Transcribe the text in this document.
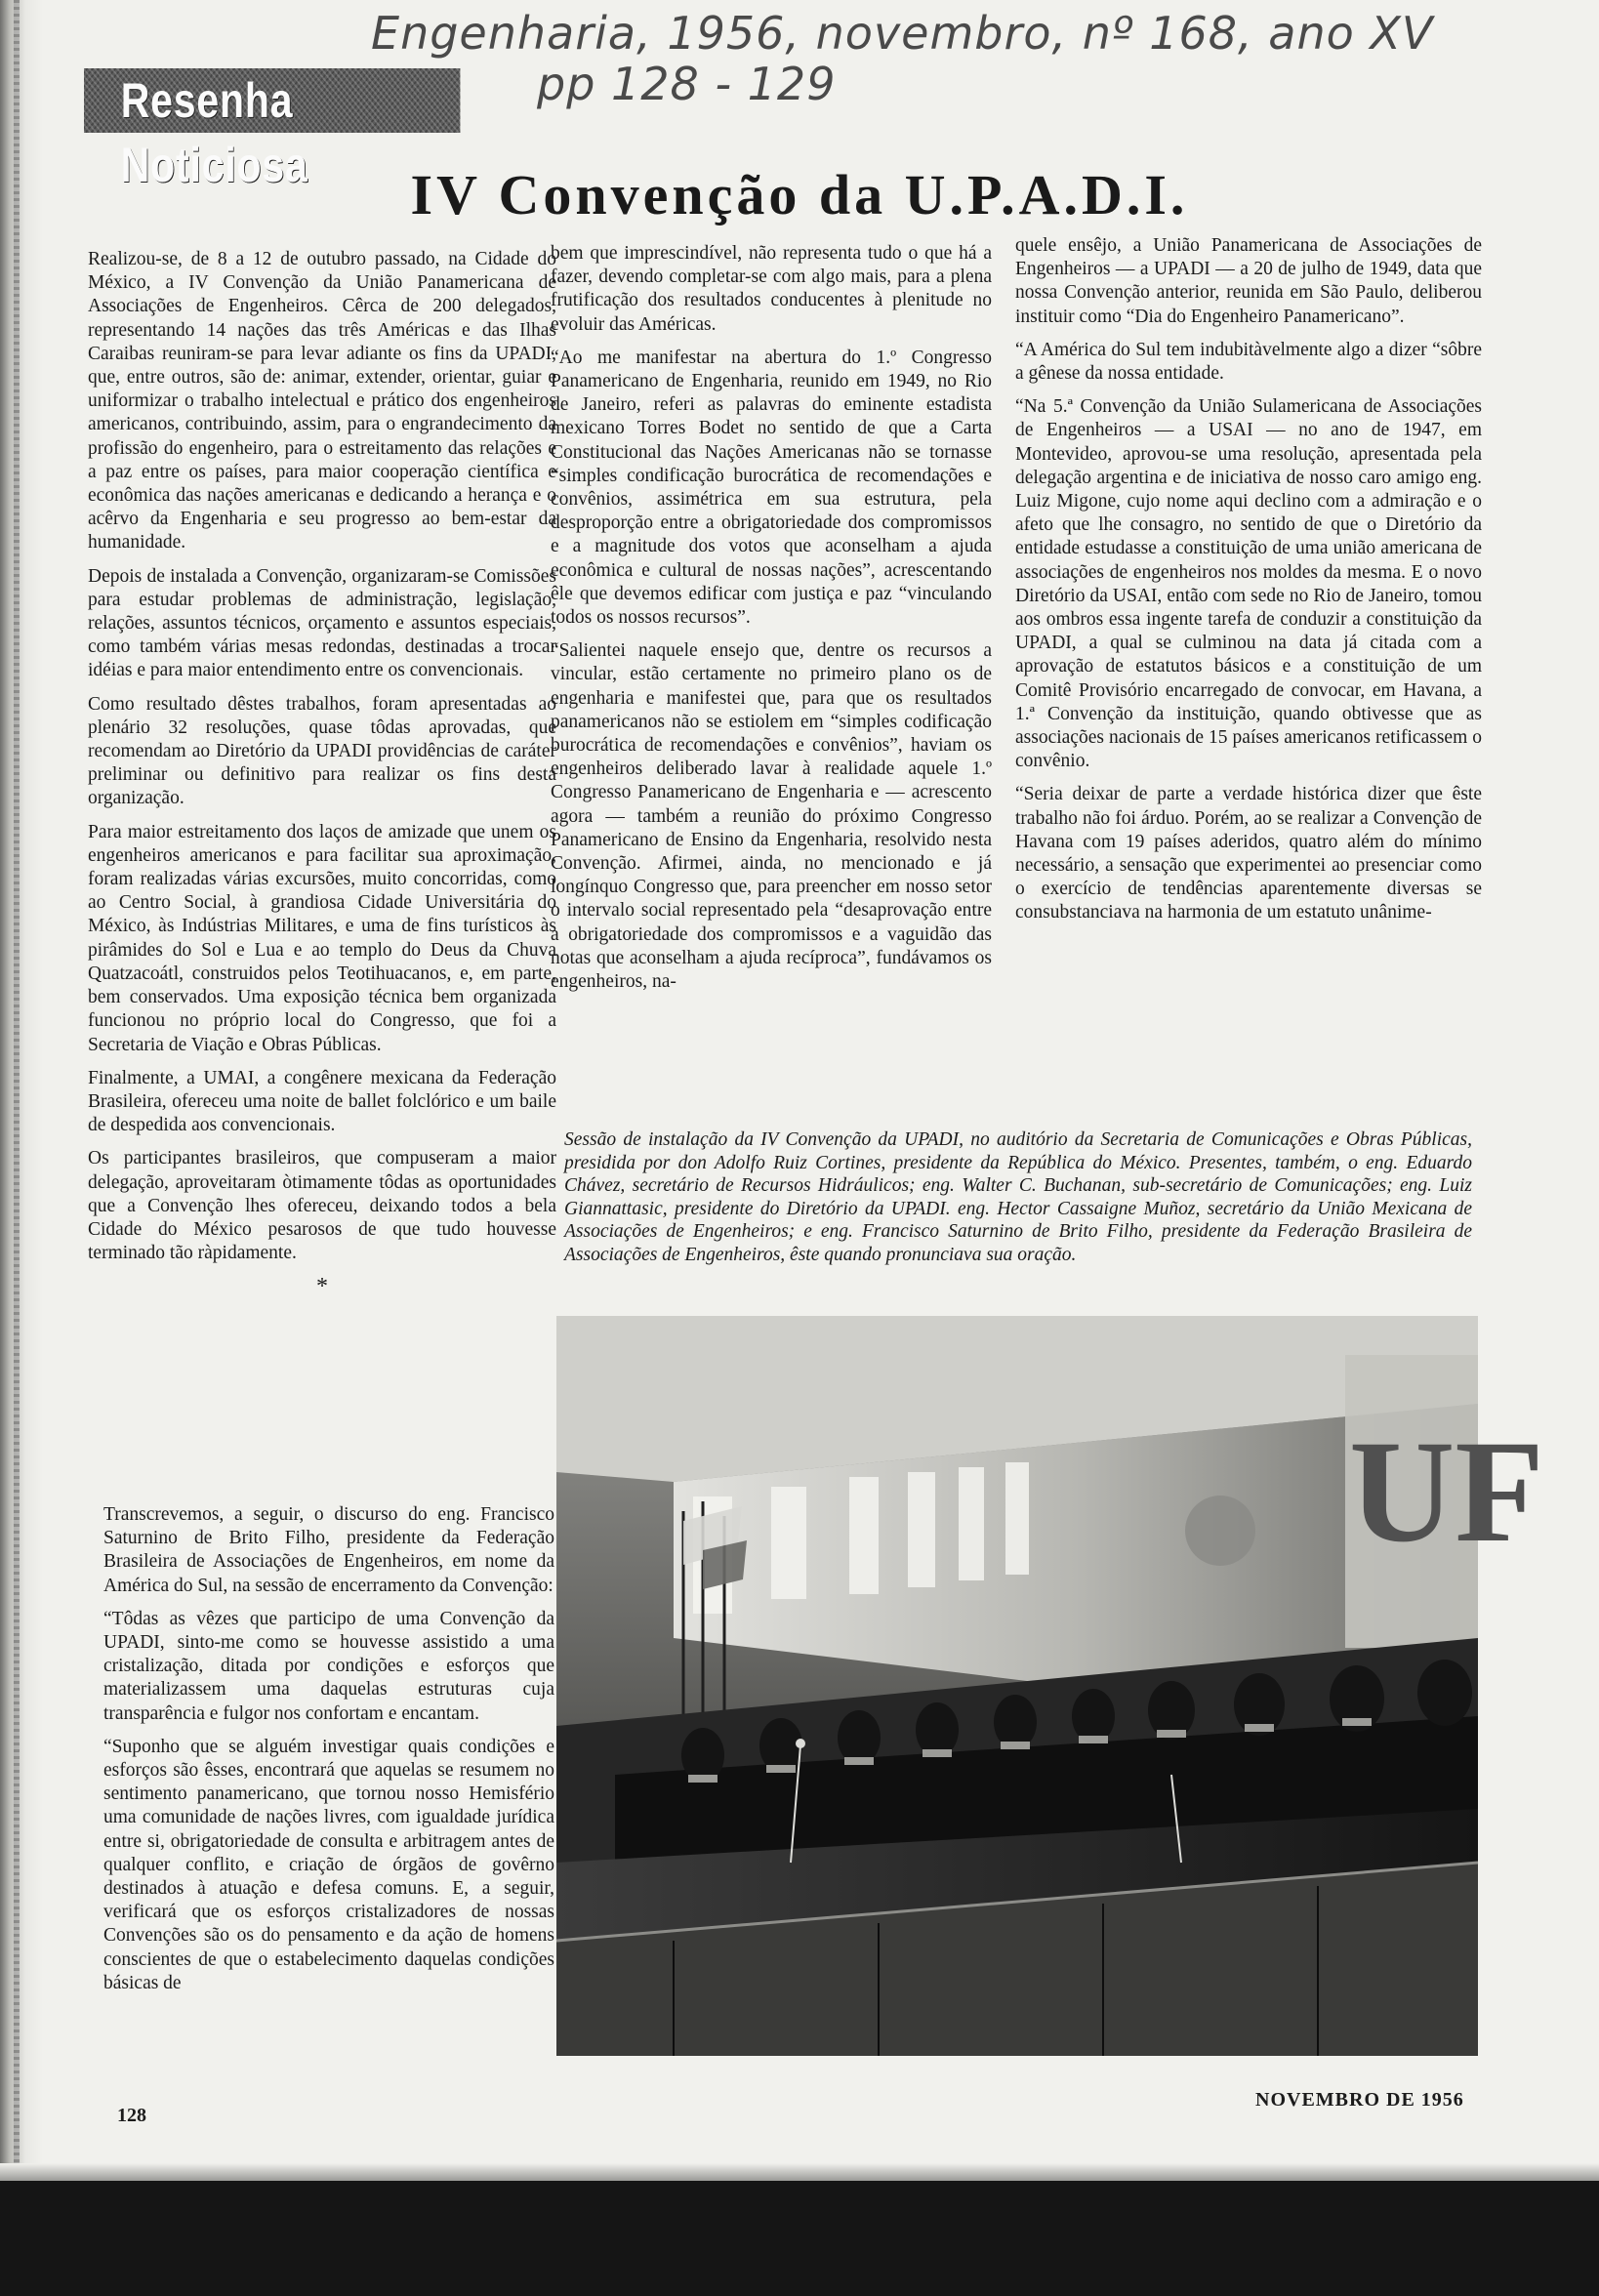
Engenharia, 1956, novembro, nº 168, ano XV
pp 128 - 129
Resenha Noticiosa	IV Convenção da U.P.A.D.I.

Realizou-se, de 8 a 12 de outubro passado, na Cidade do México, a IV Convenção da União Panamericana de Associações de Engenheiros. Cêrca de 200 delegados, representando 14 nações das três Américas e das Ilhas Caraibas reuniram-se para levar adiante os fins da UPADI, que, entre outros, são de: animar, extender, orientar, guiar e uniformizar o trabalho intelectual e prático dos engenheiros americanos, contribuindo, assim, para o engrandecimento da profissão do engenheiro, para o estreitamento das relações e a paz entre os países, para maior cooperação científica e econômica das nações americanas e dedicando a herança e o acêrvo da Engenharia e seu progresso ao bem-estar da humanidade.

Depois de instalada a Convenção, organizaram-se Comissões para estudar problemas de administração, legislação, relações, assuntos técnicos, orçamento e assuntos especiais, como também várias mesas redondas, destinadas a trocar idéias e para maior entendimento entre os convencionais.

Como resultado dêstes trabalhos, foram apresentadas ao plenário 32 resoluções, quase tôdas aprovadas, que recomendam ao Diretório da UPADI providências de caráter preliminar ou definitivo para realizar os fins desta organização.

Para maior estreitamento dos laços de amizade que unem os engenheiros americanos e para facilitar sua aproximação, foram realizadas várias excursões, muito concorridas, como ao Centro Social, à grandiosa Cidade Universitária do México, às Indústrias Militares, e uma de fins turísticos às pirâmides do Sol e Lua e ao templo do Deus da Chuva Quatzacoátl, construidos pelos Teotihuacanos, e, em parte, bem conservados. Uma exposição técnica bem organizada funcionou no próprio local do Congresso, que foi a Secretaria de Viação e Obras Públicas.

Finalmente, a UMAI, a congênere mexicana da Federação Brasileira, ofereceu uma noite de ballet folclórico e um baile de despedida aos convencionais.

Os participantes brasileiros, que compuseram a maior delegação, aproveitaram òtimamente tôdas as oportunidades que a Convenção lhes ofereceu, deixando todos a bela Cidade do México pesarosos de que tudo houvesse terminado tão ràpidamente.

*

Transcrevemos, a seguir, o discurso do eng. Francisco Saturnino de Brito Filho, presidente da Federação Brasileira de Associações de Engenheiros, em nome da América do Sul, na sessão de encerramento da Convenção:

“Tôdas as vêzes que participo de uma Convenção da UPADI, sinto-me como se houvesse assistido a uma cristalização, ditada por condições e esforços que materializassem uma daquelas estruturas cuja transparência e fulgor nos confortam e encantam.

“Suponho que se alguém investigar quais condições e esforços são êsses, encontrará que aquelas se resumem no sentimento panamericano, que tornou nosso Hemisfério uma comunidade de nações livres, com igualdade jurídica entre si, obrigatoriedade de consulta e arbitragem antes de qualquer conflito, e criação de órgãos de govêrno destinados à atuação e defesa comuns. E, a seguir, verificará que os esforços cristalizadores de nossas Convenções são os do pensamento e da ação de homens conscientes de que o estabelecimento daquelas condições básicas de

bem que imprescindível, não representa tudo o que há a fazer, devendo completar-se com algo mais, para a plena frutificação dos resultados conducentes à plenitude no evoluir das Américas.

“Ao me manifestar na abertura do 1.º Congresso Panamericano de Engenharia, reunido em 1949, no Rio de Janeiro, referi as palavras do eminente estadista mexicano Torres Bodet no sentido de que a Carta Constitucional das Nações Americanas não se tornasse “simples condificação burocrática de recomendações e convênios, assimétrica em sua estrutura, pela desproporção entre a obrigatoriedade dos compromissos e a magnitude dos votos que aconselham a ajuda econômica e cultural de nossas nações”, acrescentando êle que devemos edificar com justiça e paz “vinculando todos os nossos recursos”.

“Salientei naquele ensejo que, dentre os recursos a vincular, estão certamente no primeiro plano os de engenharia e manifestei que, para que os resultados panamericanos não se estiolem em “simples codificação burocrática de recomendações e convênios”, haviam os engenheiros deliberado lavar à realidade aquele 1.º Congresso Panamericano de Engenharia e — acrescento agora — também a reunião do próximo Congresso Panamericano de Ensino da Engenharia, resolvido nesta Convenção. Afirmei, ainda, no mencionado e já longínquo Congresso que, para preencher em nosso setor o intervalo social representado pela “desaprovação entre a obrigatoriedade dos compromissos e a vaguidão das notas que aconselham a ajuda recíproca”, fundávamos os engenheiros, na-

quele ensêjo, a União Panamericana de Associações de Engenheiros — a UPADI — a 20 de julho de 1949, data que nossa Convenção anterior, reunida em São Paulo, deliberou instituir como “Dia do Engenheiro Panamericano”.

“A América do Sul tem indubitàvelmente algo a dizer “sôbre a gênese da nossa entidade.

“Na 5.ª Convenção da União Sulamericana de Associações de Engenheiros — a USAI — no ano de 1947, em Montevideo, aprovou-se uma resolução, apresentada pela delegação argentina e de iniciativa de nosso caro amigo eng. Luiz Migone, cujo nome aqui declino com a admiração e o afeto que lhe consagro, no sentido de que o Diretório da entidade estudasse a constituição de uma união americana de associações de engenheiros nos moldes da mesma. E o novo Diretório da USAI, então com sede no Rio de Janeiro, tomou aos ombros essa ingente tarefa de conduzir a constituição da UPADI, a qual se culminou na data já citada com a aprovação de estatutos básicos e a constituição de um Comitê Provisório encarregado de convocar, em Havana, a 1.ª Convenção da instituição, quando obtivesse que as associações nacionais de 15 países americanos retificassem o convênio.

“Seria deixar de parte a verdade histórica dizer que êste trabalho não foi árduo. Porém, ao se realizar a Convenção de Havana com 19 países aderidos, quatro além do mínimo necessário, a sensação que experimentei ao presenciar como o exercício de tendências aparentemente diversas se consubstanciava na harmonia de um estatuto unânime-

Sessão de instalação da IV Convenção da UPADI, no auditório da Secretaria de Comunicações e Obras Públicas, presidida por don Adolfo Ruiz Cortines, presidente da República do México. Presentes, também, o eng. Eduardo Chávez, secretário de Recursos Hidráulicos; eng. Walter C. Buchanan, sub-secretário de Comunicações; eng. Luiz Giannattasic, presidente do Diretório da UPADI. eng. Hector Cassaigne Muñoz, secretário da União Mexicana de Associações de Engenheiros; e eng. Francisco Saturnino de Brito Filho, presidente da Federação Brasileira de Associações de Engenheiros, êste quando pronunciava sua oração.
UF
128
NOVEMBRO DE 1956
